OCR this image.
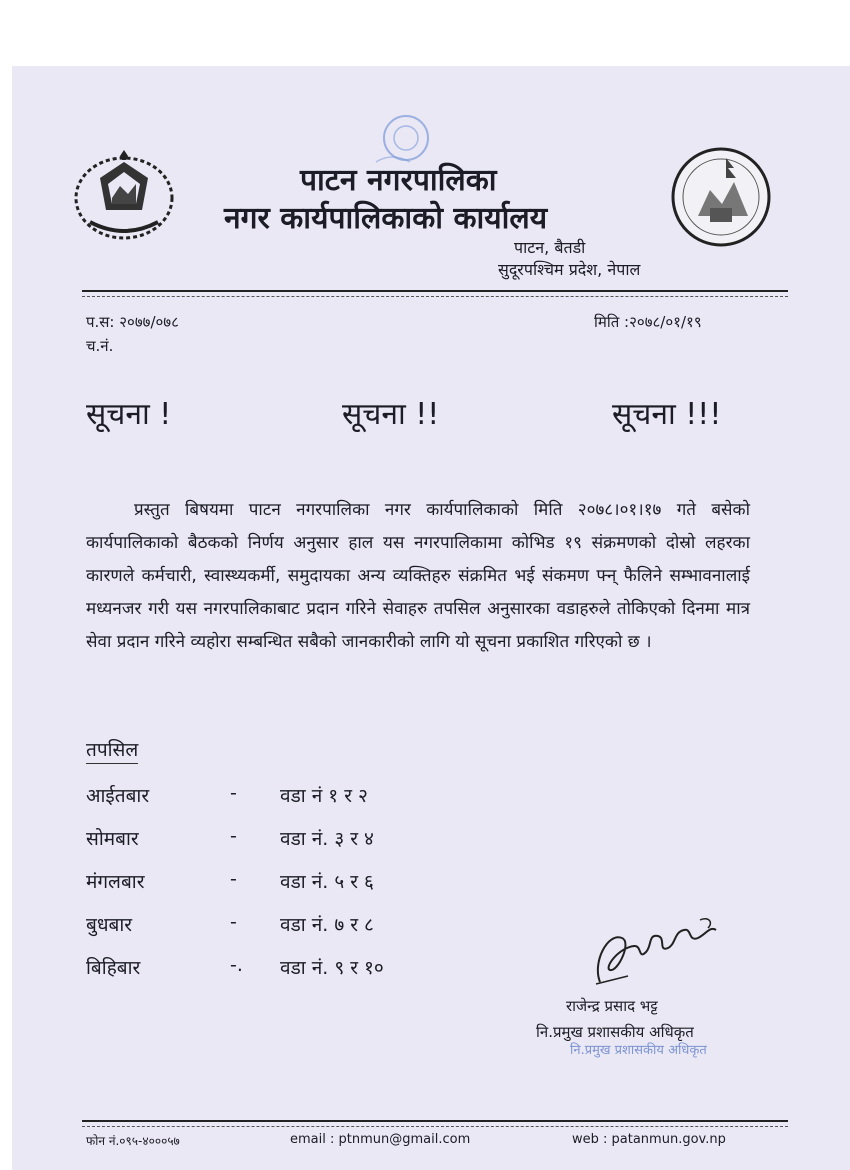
पाटन नगरपालिका
नगर कार्यपालिकाको कार्यालय
पाटन, बैतडी
सुदूरपश्चिम प्रदेश, नेपाल
प.स: २०७७/०७८
च.नं.
मिति :२०७८/०१/१९
सूचना !	सूचना !!	सूचना !!!

प्रस्तुत बिषयमा पाटन नगरपालिका नगर कार्यपालिकाको मिति २०७८।०१।१७ गते बसेको कार्यपालिकाको बैठकको निर्णय अनुसार हाल यस नगरपालिकामा कोभिड १९ संक्रमणको दोस्रो लहरका कारणले कर्मचारी, स्वास्थ्यकर्मी, समुदायका अन्य व्यक्तिहरु संक्रमित भई संकमण फ्न् फैलिने सम्भावनालाई मध्यनजर गरी यस नगरपालिकाबाट प्रदान गरिने सेवाहरु तपसिल अनुसारका वडाहरुले तोकिएको दिनमा मात्र सेवा प्रदान गरिने व्यहोरा सम्बन्धित सबैको जानकारीको लागि यो सूचना प्रकाशित गरिएको छ ।

तपसिल
आईतबार	- वडा नं १ र २
सोमबार	- वडा नं. ३ र ४
मंगलबार	- वडा नं. ५ र ६
बुधबार	- वडा नं. ७ र ८
बिहिबार	-. वडा नं. ९ र १०
राजेन्द्र प्रसाद भट्ट
नि.प्रमुख प्रशासकीय अधिकृत
नि.प्रमुख प्रशासकीय अधिकृत
फोन नं.०९५-४०००५७	email : ptnmun@gmail.com	web : patanmun.gov.np
